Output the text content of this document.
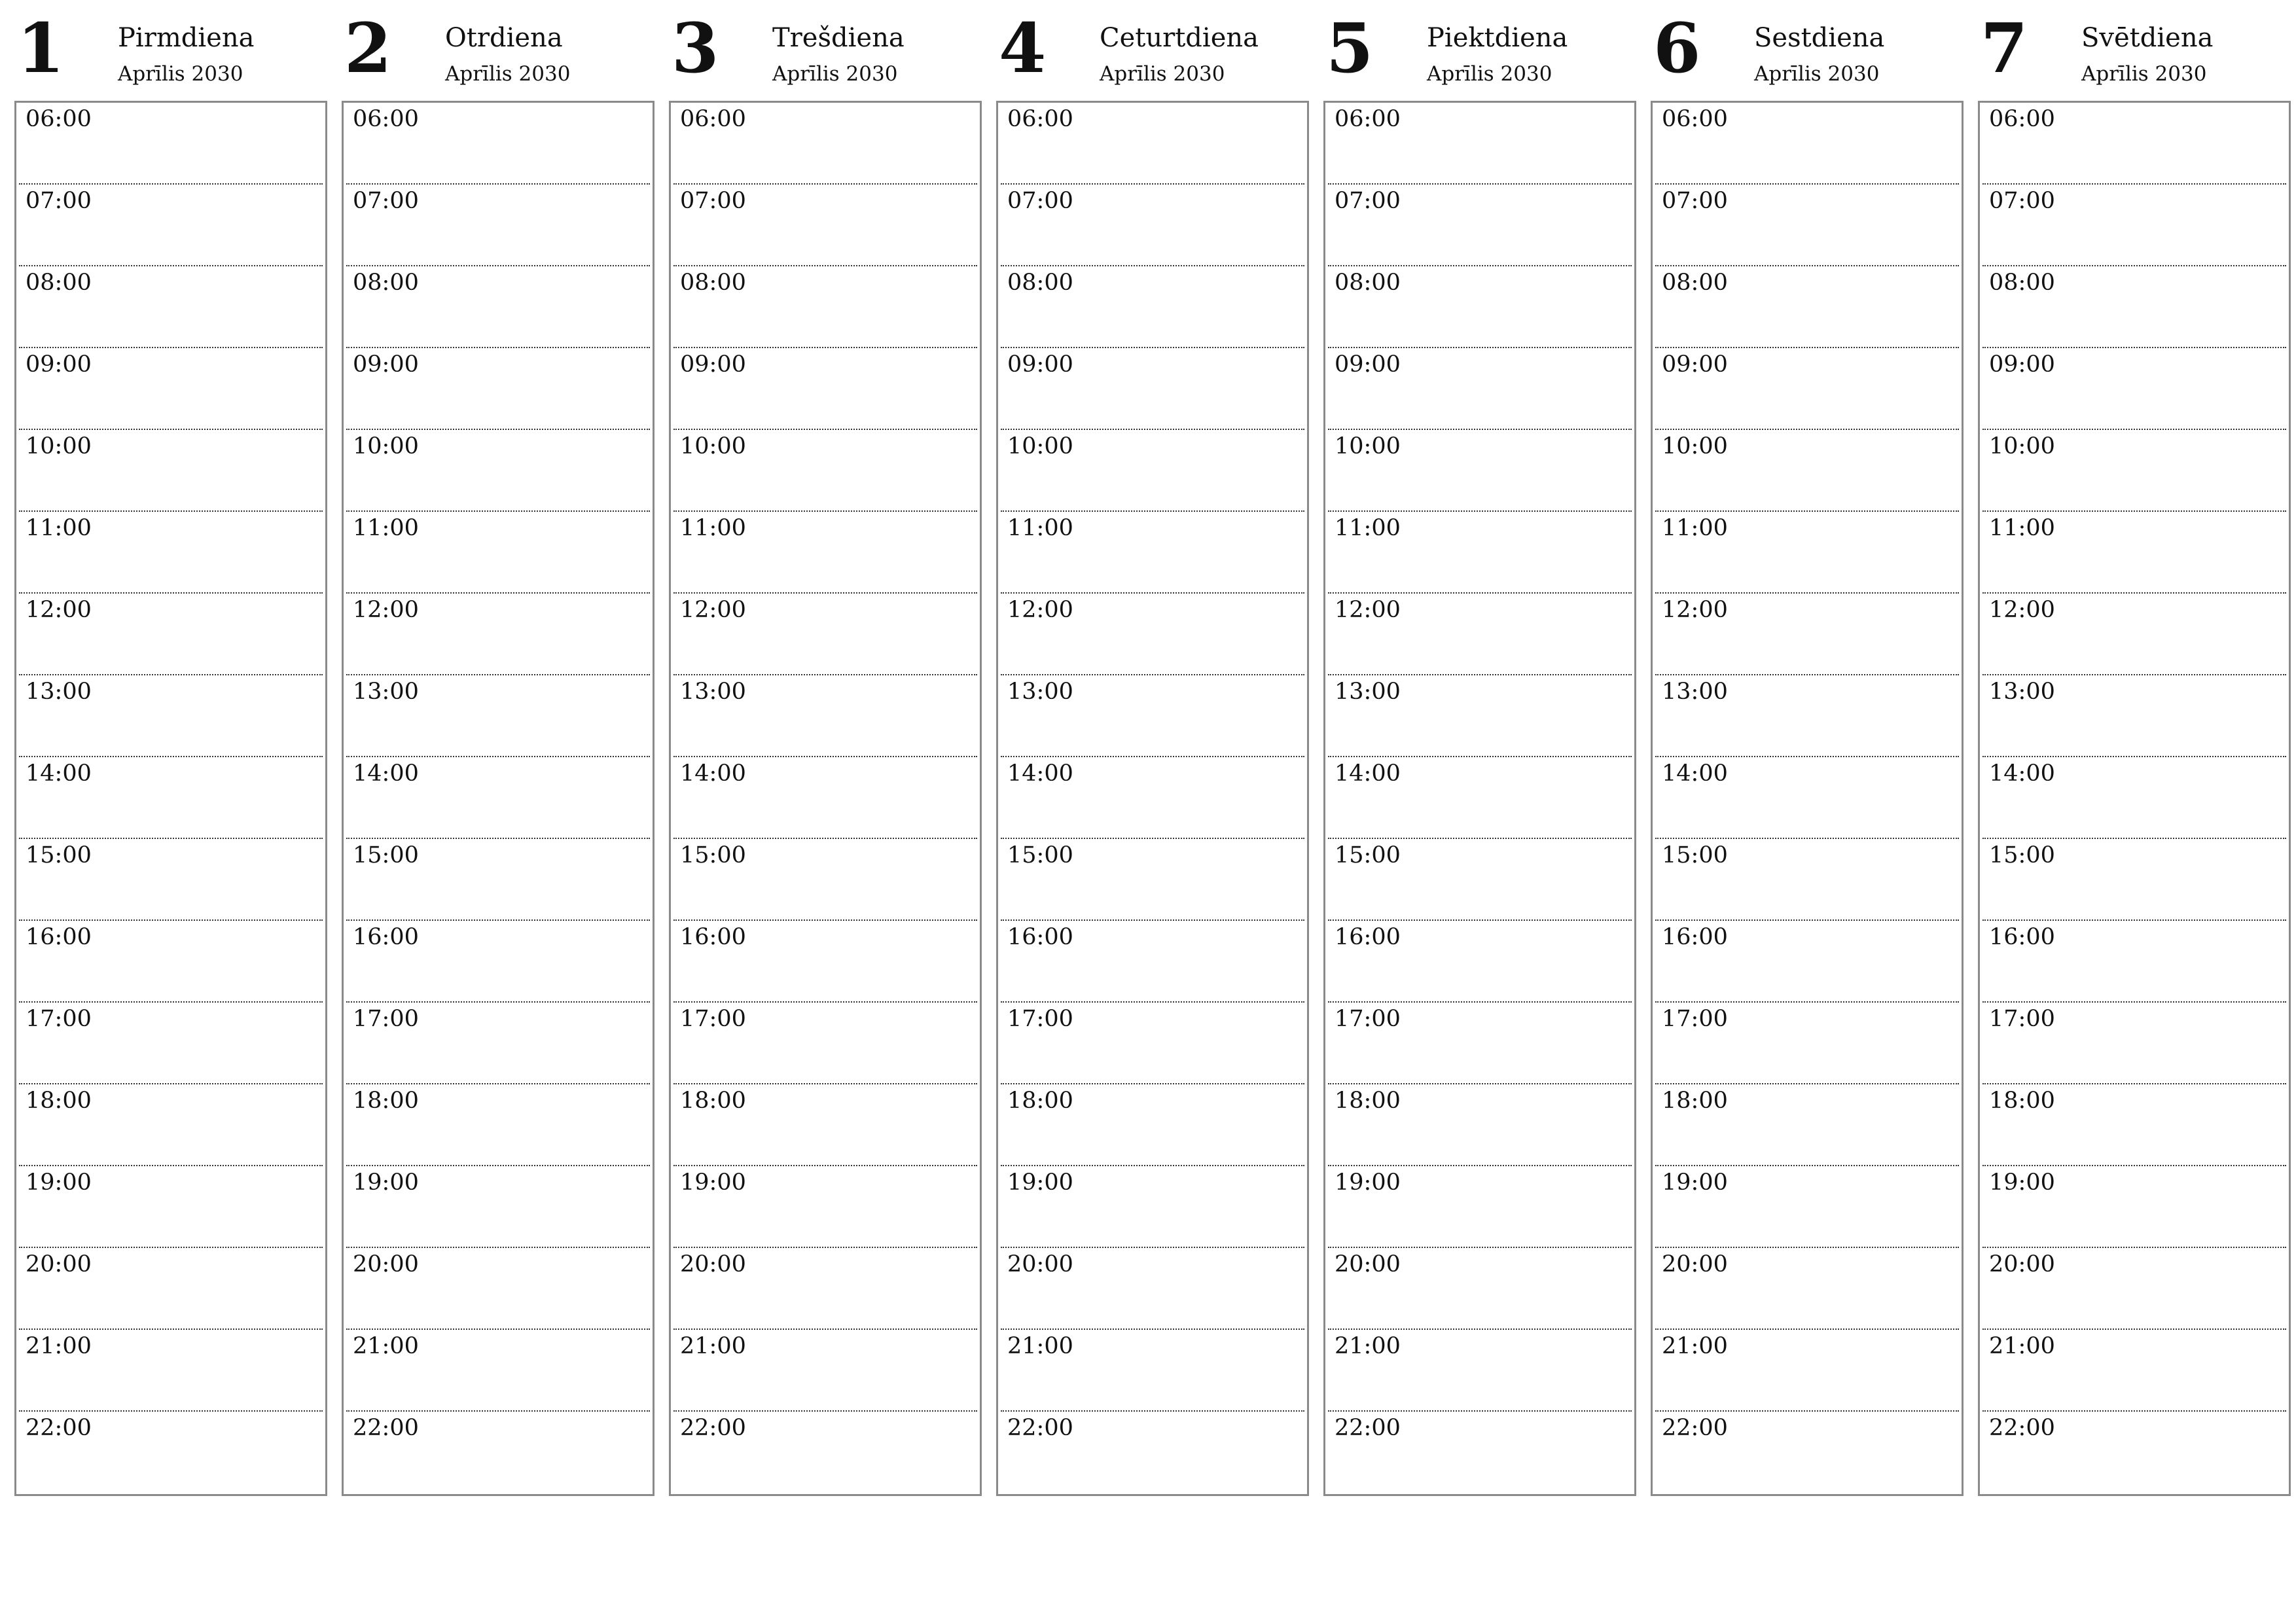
1 Pirmdiena
Aprīlis 2030
06:00
07:00
08:00
09:00
10:00
11:00
12:00
13:00
14:00
15:00
16:00
17:00
18:00
19:00
20:00
21:00
22:00
2 Otrdiena
Aprīlis 2030
06:00
07:00
08:00
09:00
10:00
11:00
12:00
13:00
14:00
15:00
16:00
17:00
18:00
19:00
20:00
21:00
22:00
3 Trešdiena
Aprīlis 2030
06:00
07:00
08:00
09:00
10:00
11:00
12:00
13:00
14:00
15:00
16:00
17:00
18:00
19:00
20:00
21:00
22:00
4 Ceturtdiena
Aprīlis 2030
06:00
07:00
08:00
09:00
10:00
11:00
12:00
13:00
14:00
15:00
16:00
17:00
18:00
19:00
20:00
21:00
22:00
5 Piektdiena
Aprīlis 2030
06:00
07:00
08:00
09:00
10:00
11:00
12:00
13:00
14:00
15:00
16:00
17:00
18:00
19:00
20:00
21:00
22:00
6 Sestdiena
Aprīlis 2030
06:00
07:00
08:00
09:00
10:00
11:00
12:00
13:00
14:00
15:00
16:00
17:00
18:00
19:00
20:00
21:00
22:00
7 Svētdiena
Aprīlis 2030
06:00
07:00
08:00
09:00
10:00
11:00
12:00
13:00
14:00
15:00
16:00
17:00
18:00
19:00
20:00
21:00
22:00
